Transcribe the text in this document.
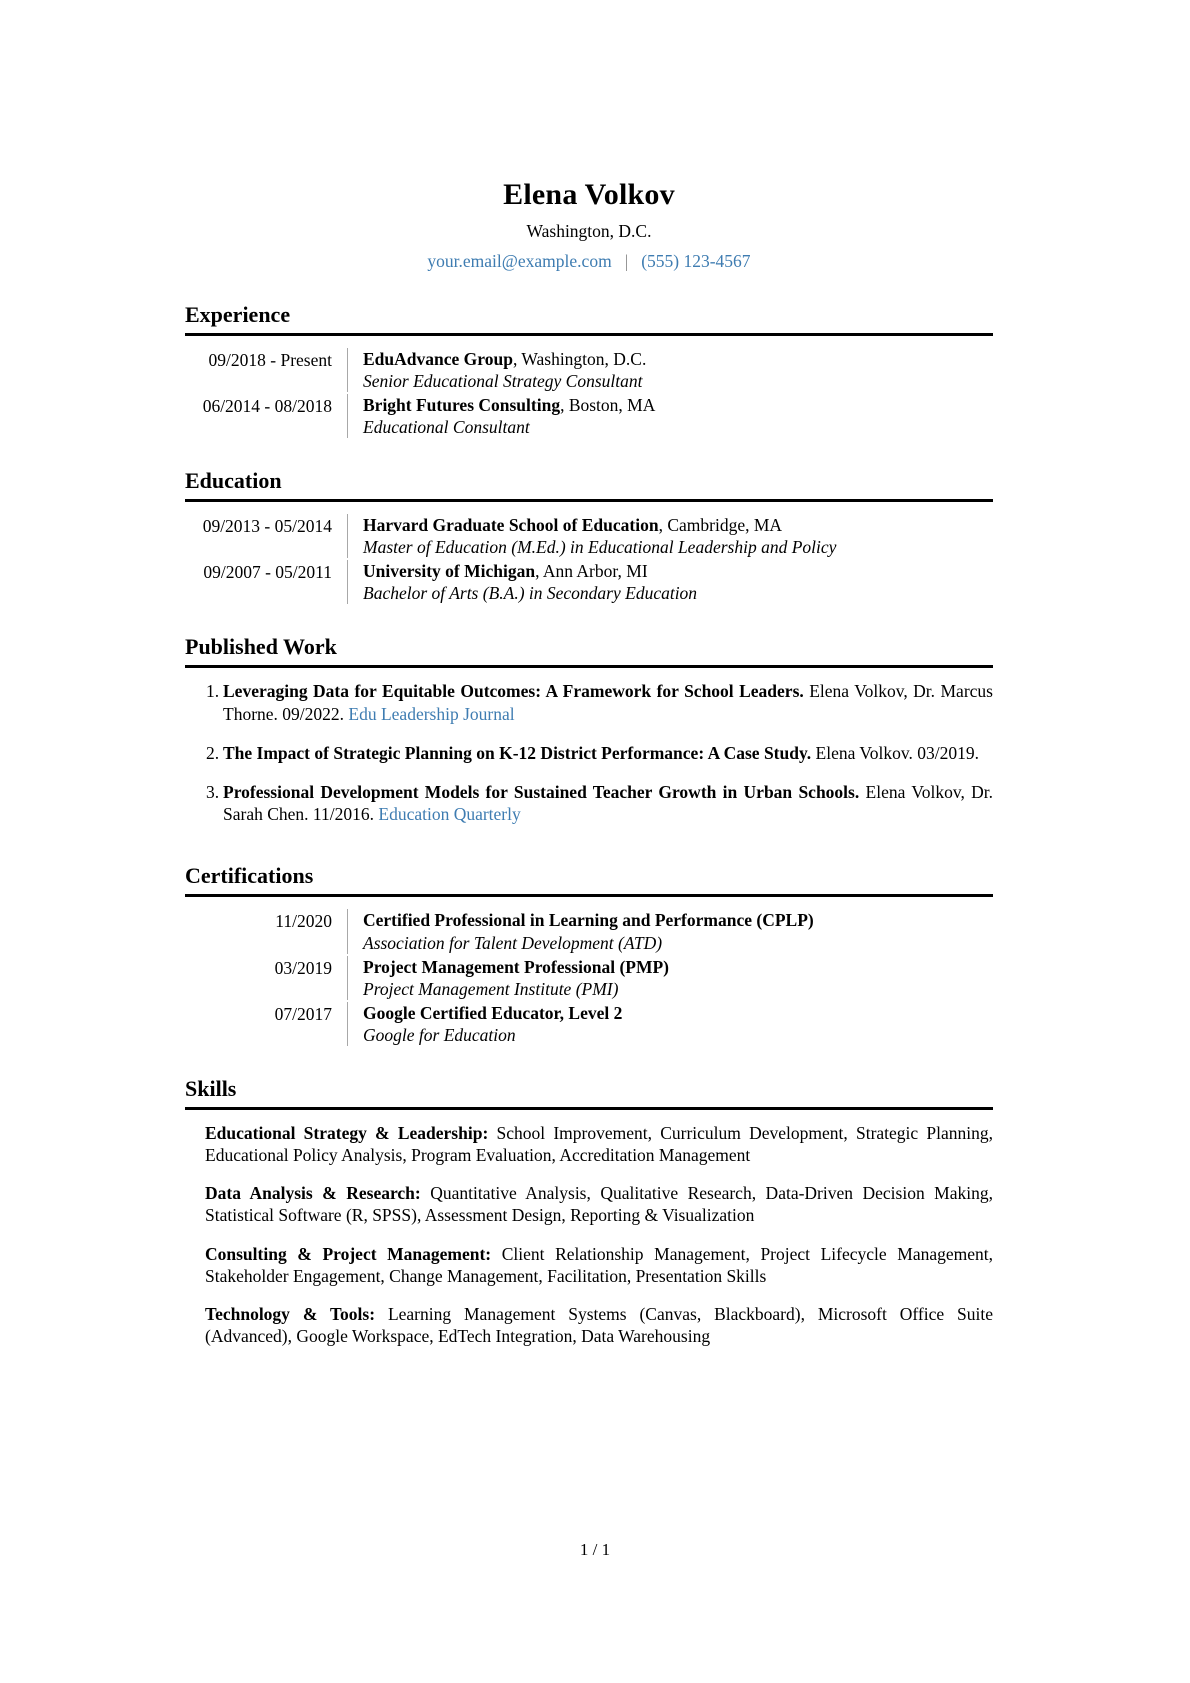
Elena Volkov
Washington, D.C.
your.email@example.com | (555) 123-4567
Experience
09/2018 - Present	EduAdvance Group, Washington, D.C.
Senior Educational Strategy Consultant
06/2014 - 08/2018	Bright Futures Consulting, Boston, MA
Educational Consultant
Education
09/2013 - 05/2014	Harvard Graduate School of Education, Cambridge, MA
Master of Education (M.Ed.) in Educational Leadership and Policy
09/2007 - 05/2011	University of Michigan, Ann Arbor, MI
Bachelor of Arts (B.A.) in Secondary Education
Published Work
1. Leveraging Data for Equitable Outcomes: A Framework for School Leaders. Elena Volkov, Dr. Marcus Thorne. 09/2022. Edu Leadership Journal
2. The Impact of Strategic Planning on K-12 District Performance: A Case Study. Elena Volkov. 03/2019.
3. Professional Development Models for Sustained Teacher Growth in Urban Schools. Elena Volkov, Dr. Sarah Chen. 11/2016. Education Quarterly
Certifications
11/2020	Certified Professional in Learning and Performance (CPLP)
Association for Talent Development (ATD)
03/2019	Project Management Professional (PMP)
Project Management Institute (PMI)
07/2017	Google Certified Educator, Level 2
Google for Education
Skills
Educational Strategy & Leadership: School Improvement, Curriculum Development, Strategic Planning, Educational Policy Analysis, Program Evaluation, Accreditation Management
Data Analysis & Research: Quantitative Analysis, Qualitative Research, Data-Driven Decision Making, Statistical Software (R, SPSS), Assessment Design, Reporting & Visualization
Consulting & Project Management: Client Relationship Management, Project Lifecycle Management, Stakeholder Engagement, Change Management, Facilitation, Presentation Skills
Technology & Tools: Learning Management Systems (Canvas, Blackboard), Microsoft Office Suite (Advanced), Google Workspace, EdTech Integration, Data Warehousing
1 / 1
